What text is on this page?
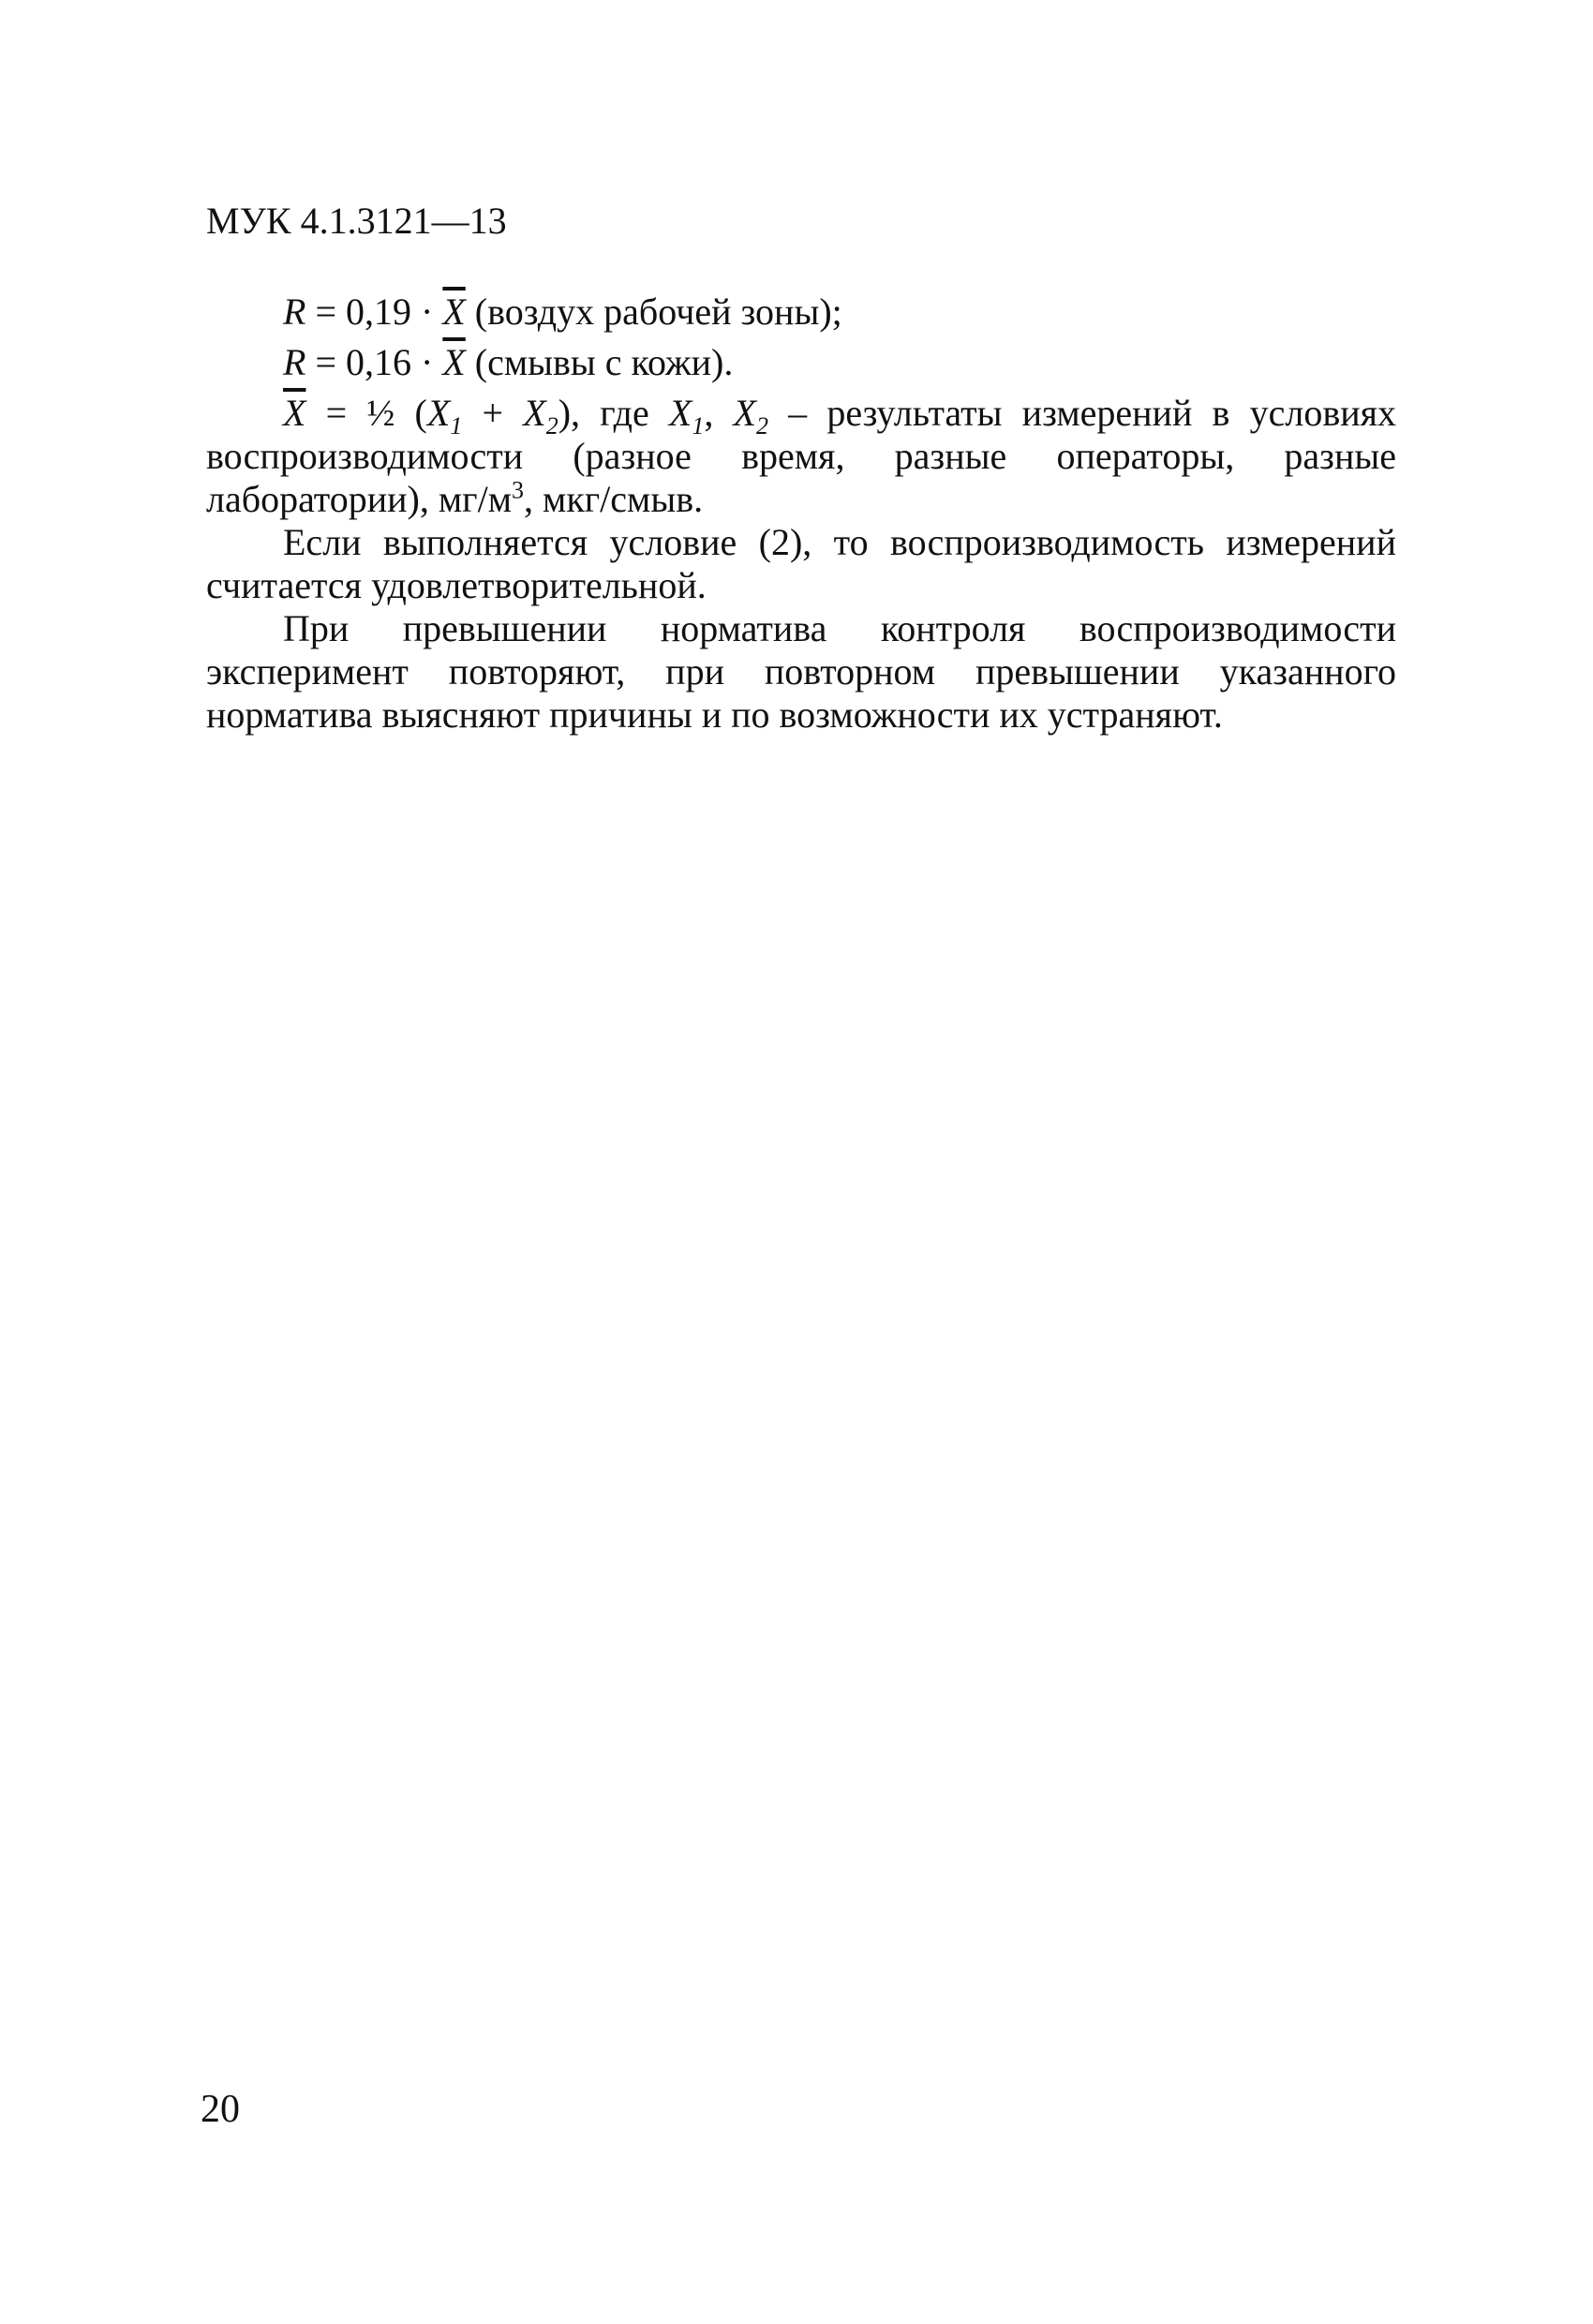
МУК 4.1.3121—13
$R = 0,19 \cdot \overline{X}$ (воздух рабочей зоны);
$R = 0,16 \cdot \overline{X}$ (смывы с кожи).

$\overline{X}$ = ½ $(X_1 + X_2)$, где $X_1$, $X_2$ – результаты измерений в условиях воспроизводимости (разное время, разные операторы, разные лаборатории), $мг/м^3$, мкг/смыв.

Если выполняется условие (2), то воспроизводимость измерений считается удовлетворительной.

При превышении норматива контроля воспроизводимости эксперимент повторяют, при повторном превышении указанного норматива выясняют причины и по возможности их устраняют.

20
